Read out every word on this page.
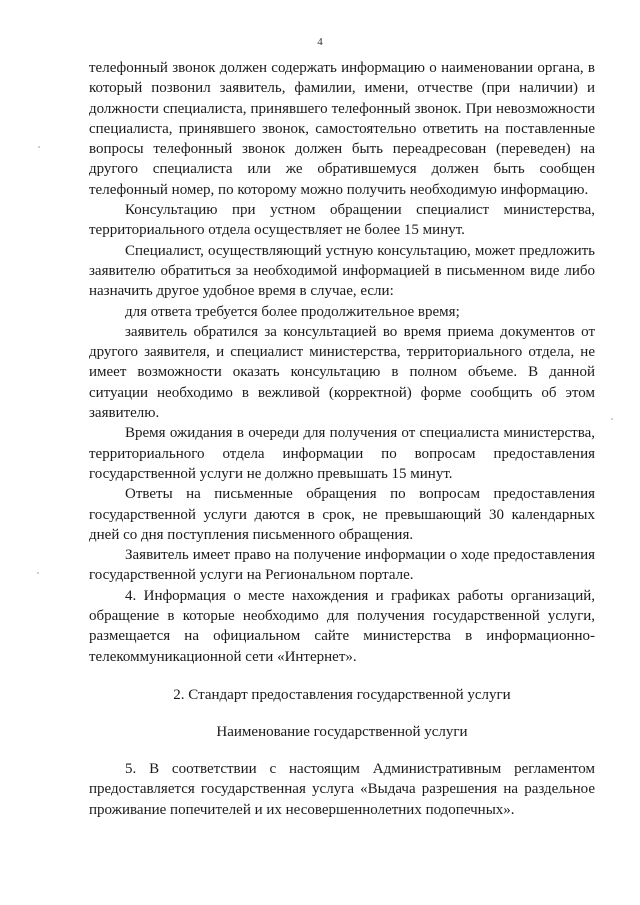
4

телефонный звонок должен содержать информацию о наименовании органа, в который позвонил заявитель, фамилии, имени, отчестве (при наличии) и должности специалиста, принявшего телефонный звонок. При невозможности специалиста, принявшего звонок, самостоятельно ответить на поставленные вопросы телефонный звонок должен быть переадресован (переведен) на другого специалиста или же обратившемуся должен быть сообщен телефонный номер, по которому можно получить необходимую информацию.

Консультацию при устном обращении специалист министерства, территориального отдела осуществляет не более 15 минут.

Специалист, осуществляющий устную консультацию, может предложить заявителю обратиться за необходимой информацией в письменном виде либо назначить другое удобное время в случае, если:

для ответа требуется более продолжительное время;

заявитель обратился за консультацией во время приема документов от другого заявителя, и специалист министерства, территориального отдела, не имеет возможности оказать консультацию в полном объеме. В данной ситуации необходимо в вежливой (корректной) форме сообщить об этом заявителю.

Время ожидания в очереди для получения от специалиста министерства, территориального отдела информации по вопросам предоставления государственной услуги не должно превышать 15 минут.

Ответы на письменные обращения по вопросам предоставления государственной услуги даются в срок, не превышающий 30 календарных дней со дня поступления письменного обращения.

Заявитель имеет право на получение информации о ходе предоставления государственной услуги на Региональном портале.

4. Информация о месте нахождения и графиках работы организаций, обращение в которые необходимо для получения государственной услуги, размещается на официальном сайте министерства в информационно-телекоммуникационной сети «Интернет».

2. Стандарт предоставления государственной услуги
Наименование государственной услуги

5. В соответствии с настоящим Административным регламентом предоставляется государственная услуга «Выдача разрешения на раздельное проживание попечителей и их несовершеннолетних подопечных».
